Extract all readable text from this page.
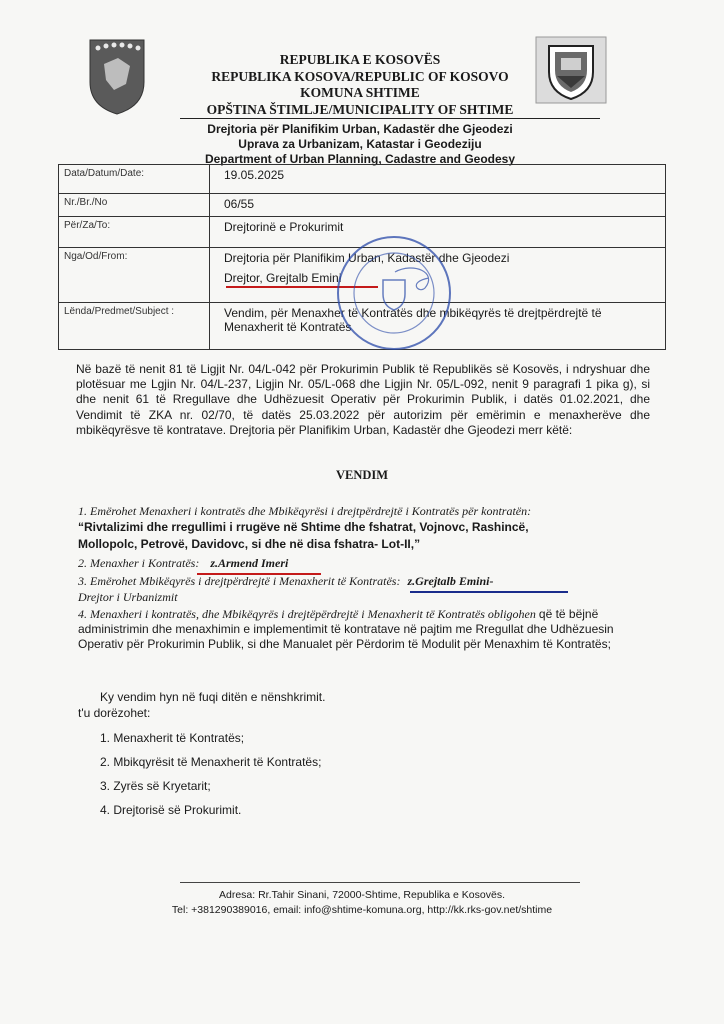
REPUBLIKA E KOSOVËS
REPUBLIKA KOSOVA/REPUBLIC OF KOSOVO
KOMUNA SHTIME
OPŠTINA ŠTIMLJE/MUNICIPALITY OF SHTIME
Drejtoria për Planifikim Urban, Kadastër dhe Gjeodezi
Uprava za Urbanizam, Katastar i Geodeziju
Department of Urban Planning, Cadastre and Geodesy
Data/Datum/Date:	19.05.2025
Nr./Br./No	06/55
Për/Za/To:	Drejtorinë e Prokurimit
Nga/Od/From:	Drejtoria për Planifikim Urban, Kadastër dhe Gjeodezi
Drejtor, Grejtalb Emini

Lënda/Predmet/Subject :	Vendim, për Menaxher të Kontratës dhe mbikëqyrës të drejtpërdrejtë të Menaxherit të Kontratës
Në bazë të nenit 81 të Ligjit Nr. 04/L-042 për Prokurimin Publik të Republikës së Kosovës, i ndryshuar dhe plotësuar me Lgjin Nr. 04/L-237, Ligjin Nr. 05/L-068 dhe Ligjin Nr. 05/L-092, nenit 9 paragrafi 1 pika g), si dhe nenit 61 të Rregullave dhe Udhëzuesit Operativ për Prokurimin Publik, i datës 01.02.2021, dhe Vendimit të ZKA nr. 02/70, të datës 25.03.2022 për autorizim për emërimin e menaxherëve dhe mbikëqyrësve të kontratave. Drejtoria për Planifikim Urban, Kadastër dhe Gjeodezi merr këtë:
VENDIM
1. Emërohet Menaxheri i kontratës dhe Mbikëqyrësi i drejtpërdrejtë i Kontratës për kontratën:
“Rivtalizimi dhe rregullimi i rrugëve në Shtime dhe fshatrat, Vojnovc, Rashincë,
Mollopolc, Petrovë, Davidovc, si dhe në disa fshatra- Lot-II,”
2. Menaxher i Kontratës: z.Armend Imeri
3. Emërohet Mbikëqyrës i drejtpërdrejtë i Menaxherit të Kontratës: z.Grejtalb Emini-
Drejtor i Urbanizmit
4. Menaxheri i kontratës, dhe Mbikëqyrës i drejtëpërdrejtë i Menaxherit të Kontratës obligohen që të bëjnë administrimin dhe menaxhimin e implementimit të kontratave në pajtim me Rregullat dhe Udhëzuesin Operativ për Prokurimin Publik, si dhe Manualet për Përdorim të Modulit për Menaxhim të Kontratës;
Ky vendim hyn në fuqi ditën e nënshkrimit.
t'u dorëzohet:
1. Menaxherit të Kontratës;
2. Mbikqyrësit të Menaxherit të Kontratës;
3. Zyrës së Kryetarit;
4. Drejtorisë së Prokurimit.
Adresa: Rr.Tahir Sinani, 72000-Shtime, Republika e Kosovës.
Tel: +381290389016, email: info@shtime-komuna.org, http://kk.rks-gov.net/shtime
